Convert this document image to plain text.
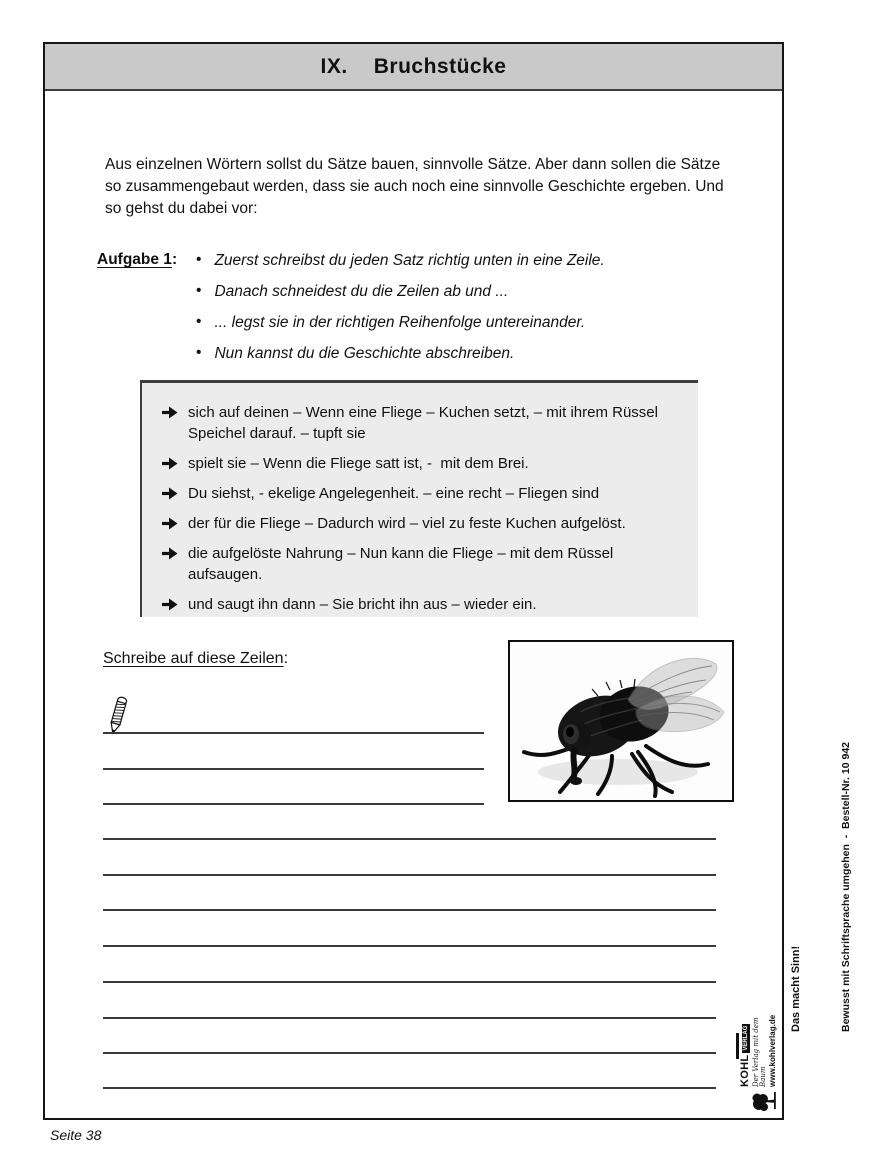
IX. Bruchstücke

Aus einzelnen Wörtern sollst du Sätze bauen, sinnvolle Sätze. Aber dann sollen die Sätze so zusammengebaut werden, dass sie auch noch eine sinnvolle Geschichte ergeben. Und so gehst du dabei vor:

Aufgabe 1: • Zuerst schreibst du jeden Satz richtig unten in eine Zeile.
• Danach schneidest du die Zeilen ab und ...
• ... legst sie in der richtigen Reihenfolge untereinander.
• Nun kannst du die Geschichte abschreiben.
sich auf deinen – Wenn eine Fliege – Kuchen setzt, – mit ihrem Rüssel Speichel darauf. – tupft sie
spielt sie – Wenn die Fliege satt ist, -  mit dem Brei.
Du siehst, - ekelige Angelegenheit. – eine recht – Fliegen sind
der für die Fliege – Dadurch wird – viel zu feste Kuchen aufgelöst.
die aufgelöste Nahrung – Nun kann die Fliege – mit dem Rüssel aufsaugen.
und saugt ihn dann – Sie bricht ihn aus – wieder ein.
Schreibe auf diese Zeilen:

Das macht Sinn!

	Bewusst mit Schriftsprache umgehen  -  Bestell-Nr. 10 942

KOHL
VERLAG Der Verlag mit dem Baum www.kohlverlag.de
Seite 38
